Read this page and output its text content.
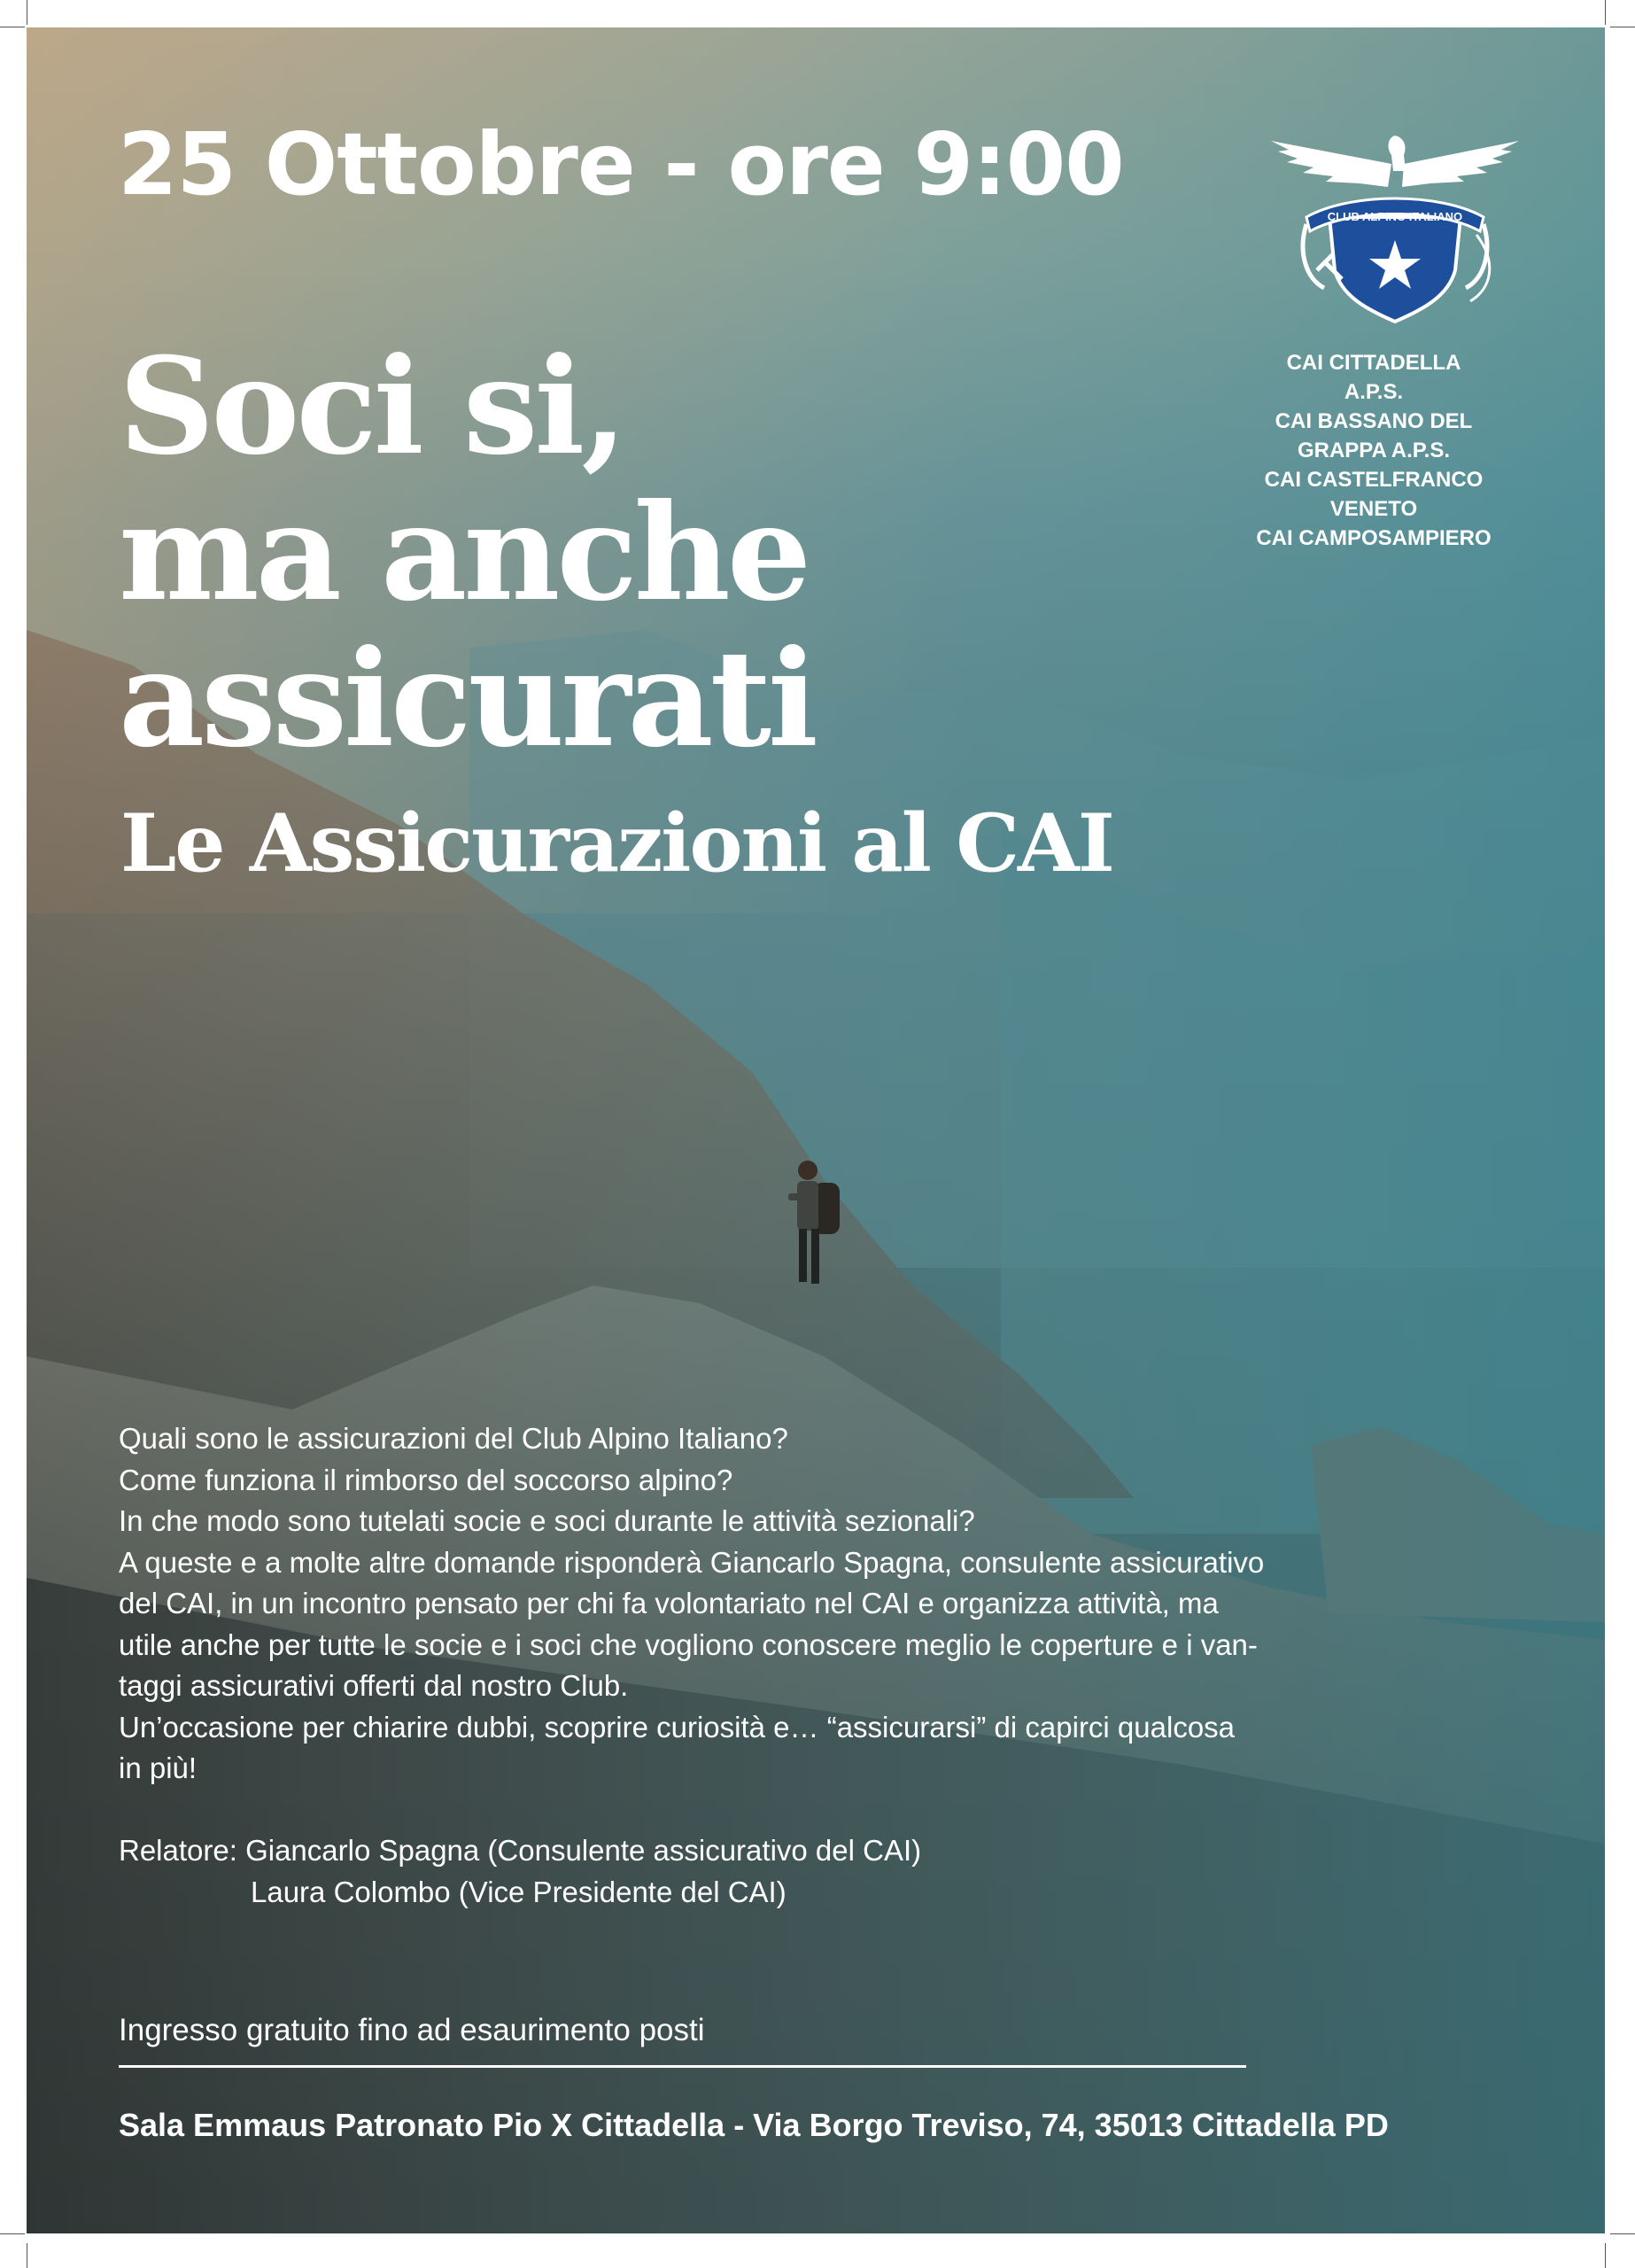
25 Ottobre - ore 9:00
Soci si,
ma anche
assicurati
Le Assicurazioni al CAI
CLUB ALPINO ITALIANO
CAI CITTADELLA
A.P.S.
CAI BASSANO DEL
GRAPPA A.P.S.
CAI CASTELFRANCO
VENETO
CAI CAMPOSAMPIERO
Quali sono le assicurazioni del Club Alpino Italiano?
Come funziona il rimborso del soccorso alpino?
In che modo sono tutelati socie e soci durante le attività sezionali?
A queste e a molte altre domande risponderà Giancarlo Spagna, consulente assicurativo
del CAI, in un incontro pensato per chi fa volontariato nel CAI e organizza attività, ma
utile anche per tutte le socie e i soci che vogliono conoscere meglio le coperture e i van-
taggi assicurativi offerti dal nostro Club.
Un’occasione per chiarire dubbi, scoprire curiosità e… “assicurarsi” di capirci qualcosa
in più!
Relatore: Giancarlo Spagna (Consulente assicurativo del CAI)
Laura Colombo (Vice Presidente del CAI)
Ingresso gratuito fino ad esaurimento posti
Sala Emmaus Patronato Pio X Cittadella - Via Borgo Treviso, 74, 35013 Cittadella PD
